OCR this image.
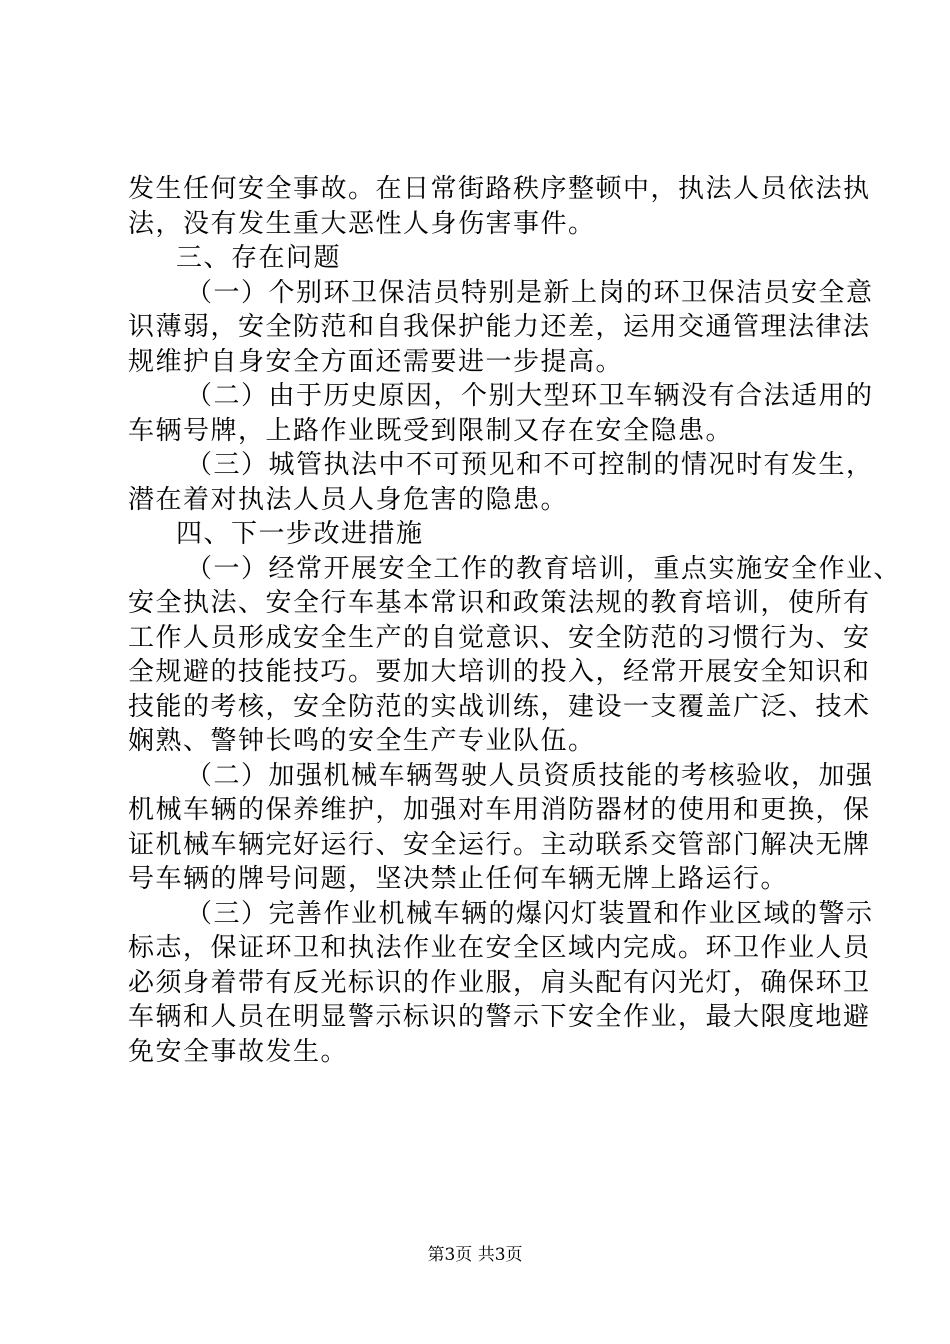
发生任何安全事故。在日常街路秩序整顿中，执法人员依法执
法，没有发生重大恶性人身伤害事件。
三、存在问题
（一）个别环卫保洁员特别是新上岗的环卫保洁员安全意
识薄弱，安全防范和自我保护能力还差，运用交通管理法律法
规维护自身安全方面还需要进一步提高。
（二）由于历史原因，个别大型环卫车辆没有合法适用的
车辆号牌，上路作业既受到限制又存在安全隐患。
（三）城管执法中不可预见和不可控制的情况时有发生，
潜在着对执法人员人身危害的隐患。
四、下一步改进措施
（一）经常开展安全工作的教育培训，重点实施安全作业、
安全执法、安全行车基本常识和政策法规的教育培训，使所有
工作人员形成安全生产的自觉意识、安全防范的习惯行为、安
全规避的技能技巧。要加大培训的投入，经常开展安全知识和
技能的考核，安全防范的实战训练，建设一支覆盖广泛、技术
娴熟、警钟长鸣的安全生产专业队伍。
（二）加强机械车辆驾驶人员资质技能的考核验收，加强
机械车辆的保养维护，加强对车用消防器材的使用和更换，保
证机械车辆完好运行、安全运行。主动联系交管部门解决无牌
号车辆的牌号问题，坚决禁止任何车辆无牌上路运行。
（三）完善作业机械车辆的爆闪灯装置和作业区域的警示
标志，保证环卫和执法作业在安全区域内完成。环卫作业人员
必须身着带有反光标识的作业服，肩头配有闪光灯，确保环卫
车辆和人员在明显警示标识的警示下安全作业，最大限度地避
免安全事故发生。
第3页 共3页
